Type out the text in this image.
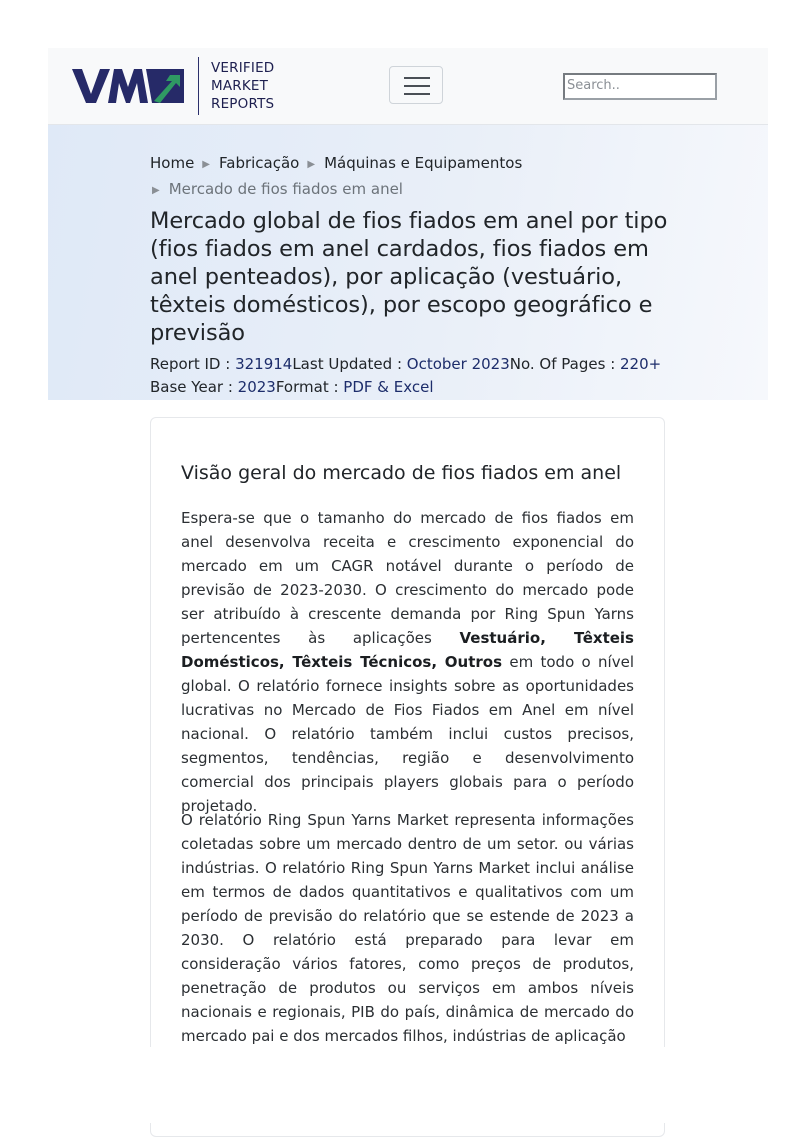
VERIFIED
MARKET
REPORTS
Search..
Home ▶ Fabricação ▶ Máquinas e Equipamentos
▶ Mercado de fios fiados em anel
Mercado global de fios fiados em anel por tipo (fios fiados em anel cardados, fios fiados em anel penteados), por aplicação (vestuário, têxteis domésticos), por escopo geográfico e previsão
Report ID : 321914Last Updated : October 2023No. Of Pages : 220+
Base Year : 2023Format : PDF & Excel
Visão geral do mercado de fios fiados em anel

Espera-se que o tamanho do mercado de fios fiados em anel desenvolva receita e crescimento exponencial do mercado em um CAGR notável durante o período de previsão de 2023-2030. O crescimento do mercado pode ser atribuído à crescente demanda por Ring Spun Yarns pertencentes às aplicações Vestuário, Têxteis Domésticos, Têxteis Técnicos, Outros em todo o nível global. O relatório fornece insights sobre as oportunidades lucrativas no Mercado de Fios Fiados em Anel em nível nacional. O relatório também inclui custos precisos, segmentos, tendências, região e desenvolvimento comercial dos principais players globais para o período projetado.

O relatório Ring Spun Yarns Market representa informações coletadas sobre um mercado dentro de um setor. ou várias indústrias. O relatório Ring Spun Yarns Market inclui análise em termos de dados quantitativos e qualitativos com um período de previsão do relatório que se estende de 2023 a 2030. O relatório está preparado para levar em consideração vários fatores, como preços de produtos, penetração de produtos ou serviços em ambos níveis nacionais e regionais, PIB do país, dinâmica de mercado do mercado pai e dos mercados filhos, indústrias de aplicação
